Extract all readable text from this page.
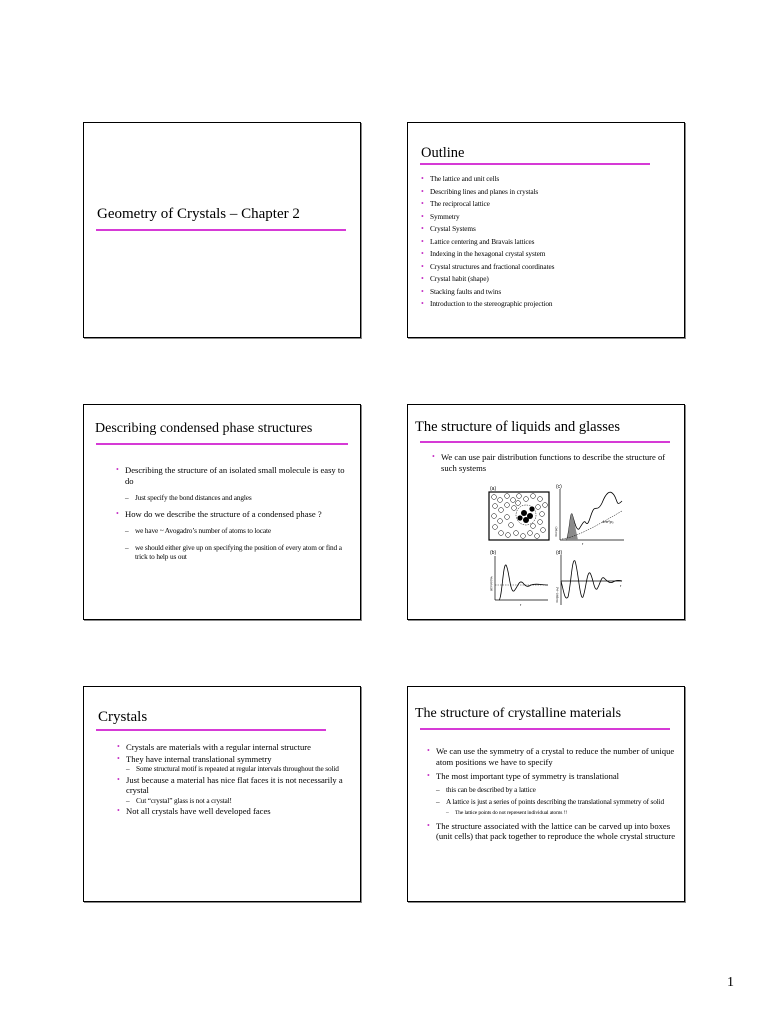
Geometry of Crystals – Chapter 2
Outline
• The lattice and unit cells
• Describing lines and planes in crystals
• The reciprocal lattice
• Symmetry
• Crystal Systems
• Lattice centering and Bravais lattices
• Indexing in the hexagonal crystal system
• Crystal structures and fractional coordinates
• Crystal habit (shape)
• Stacking faults and twins
• Introduction to the stereographic projection
Describing condensed phase structures
• Describing the structure of an isolated small molecule is easy to do
– Just specify the bond distances and angles
• How do we describe the structure of a condensed phase ?
– we have ~ Avogadro’s number of atoms to locate
– we should either give up on specifying the position of every atom or find a trick to help us out
The structure of liquids and glasses
• We can use pair distribution functions to describe the structure of such systems
(a)	(c)
4πr²ρ₀
r
4πr²ρ(r)
(b)
r
g(r)=ρ(r)/ρ₀
(d)
r
4πr[ρ(r)−ρ₀]
Crystals
• Crystals are materials with a regular internal structure
• They have internal translational symmetry
– Some structural motif is repeated at regular intervals throughout the solid
• Just because a material has nice flat faces it is not necessarily a crystal
– Cut “crystal” glass is not a crystal!
• Not all crystals have well developed faces
The structure of crystalline materials
• We can use the symmetry of a crystal to reduce the number of unique atom positions we have to specify
• The most important type of symmetry is translational
– this can be described by a lattice
– A lattice is just a series of points describing the translational symmetry of solid
– The lattice points do not represent individual atoms !!
• The structure associated with the lattice can be carved up into boxes (unit cells) that pack together to reproduce the whole crystal structure
1
